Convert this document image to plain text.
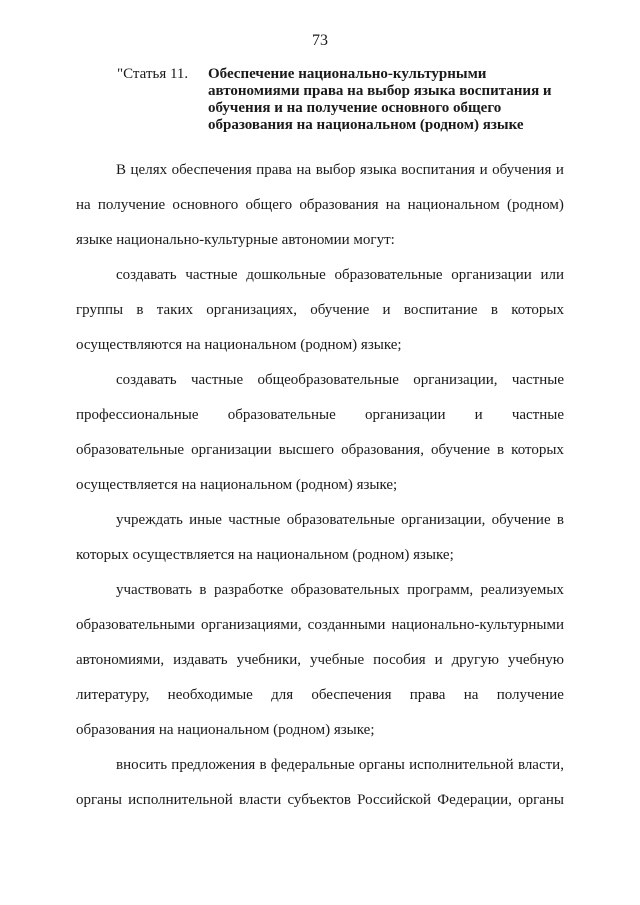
73
"Статья 11. Обеспечение национально-культурными
автономиями права на выбор языка воспитания и
обучения и на получение основного общего
образования на национальном (родном) языке
В целях обеспечения права на выбор языка воспитания и обучения и
на получение основного общего образования на национальном (родном)
языке национально-культурные автономии могут:
создавать частные дошкольные образовательные организации или
группы в таких организациях, обучение и воспитание в которых
осуществляются на национальном (родном) языке;
создавать частные общеобразовательные организации, частные
профессиональные образовательные организации и частные
образовательные организации высшего образования, обучение в которых
осуществляется на национальном (родном) языке;
учреждать иные частные образовательные организации, обучение в
которых осуществляется на национальном (родном) языке;
участвовать в разработке образовательных программ, реализуемых
образовательными организациями, созданными национально-культурными
автономиями, издавать учебники, учебные пособия и другую учебную
литературу, необходимые для обеспечения права на получение
образования на национальном (родном) языке;
вносить предложения в федеральные органы исполнительной власти,
органы исполнительной власти субъектов Российской Федерации, органы
